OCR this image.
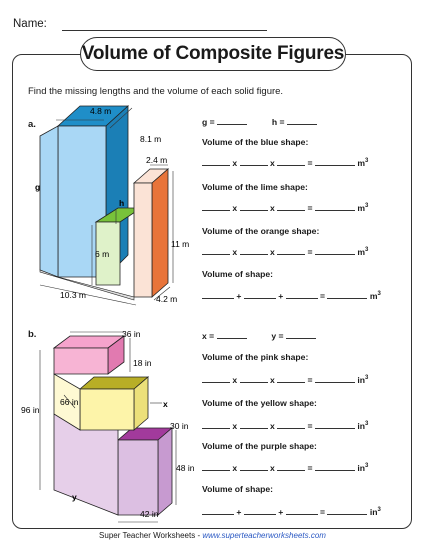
Name:
Volume of Composite Figures
Find the missing lengths and the volume of each solid figure.
a.
4.8 m
8.1 m
g
2.4 m
h
6 m
11 m
10.3 m	4.2 m
36 in
18 in
66 in
96 in
x
30 in
48 in
y
42 in
g =	h =
Volume of the blue shape:
x	x	=	$m^3$
Volume of the lime shape:
x	x	=	$m^3$
Volume of the orange shape:
x	x	=	$m^3$
Volume of shape:
+	+	=	$m^3$
b.	x =	y =
Volume of the pink shape:
x	x	=	$in^3$
Volume of the yellow shape:
x	x	=	$in^3$
Volume of the purple shape:
x	x	=	$in^3$
Volume of shape:
+	+	=	$in^3$
Super Teacher Worksheets - www.superteacherworksheets.com
